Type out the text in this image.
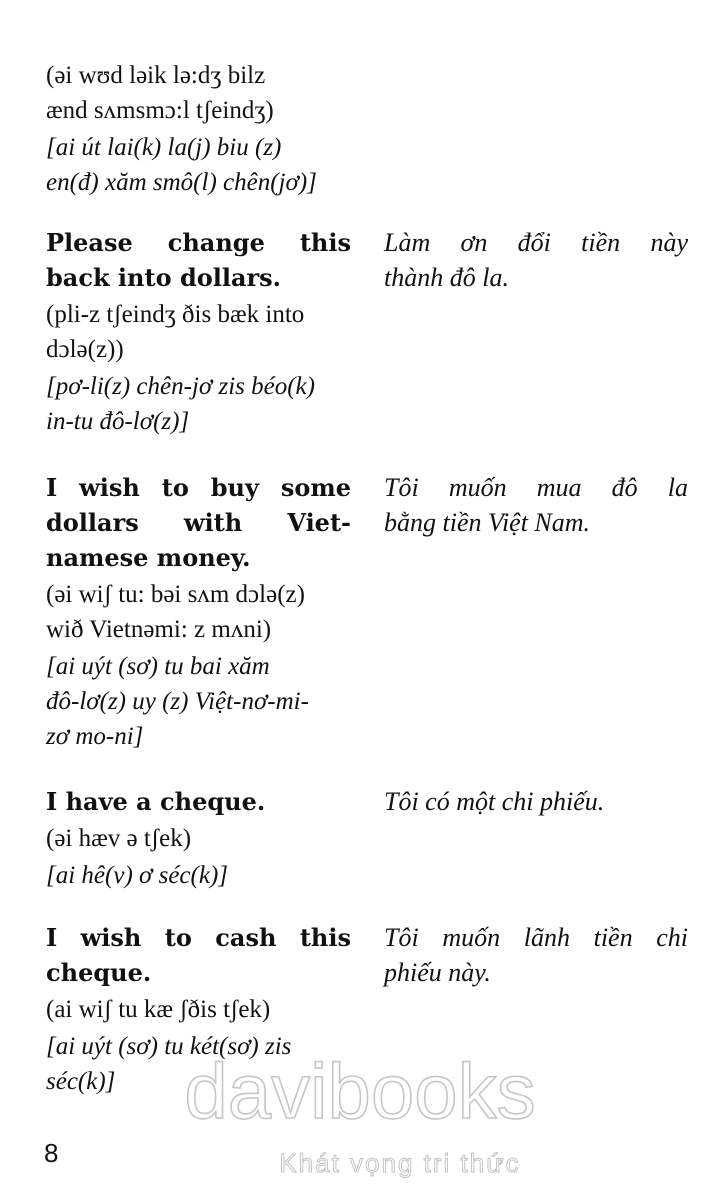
(əi wʊd ləik lə:dʒ bilz
ænd sʌmsmɔ:l tʃeindʒ)
[ai út lai(k) la(j) biu (z)
en(đ) xăm smô(l) chên(jơ)]
Please change this
back into dollars.
(pli-z tʃeindʒ ðis bæk into
dɔlə(z))
[pơ-li(z) chên-jơ zis béo(k)
in-tu đô-lơ(z)]
Làm ơn đổi tiền này
thành đô la.
I wish to buy some
dollars with Viet-
namese money.
(əi wiʃ tu: bəi sʌm dɔlə(z)
wið Vietnəmi: z mʌni)
[ai uýt (sơ) tu bai xăm
đô-lơ(z) uy (z) Việt-nơ-mi-
zơ mo-ni]
Tôi muốn mua đô la
bằng tiền Việt Nam.
I have a cheque.
(əi hæv ə tʃek)
[ai hê(v) ơ séc(k)]
Tôi có một chi phiếu.
I wish to cash this
cheque.
(ai wiʃ tu kæ ʃðis tʃek)
[ai uýt (sơ) tu két(sơ) zis
séc(k)]
Tôi muốn lãnh tiền chi
phiếu này.
davibooks
Khát vọng tri thức
8
